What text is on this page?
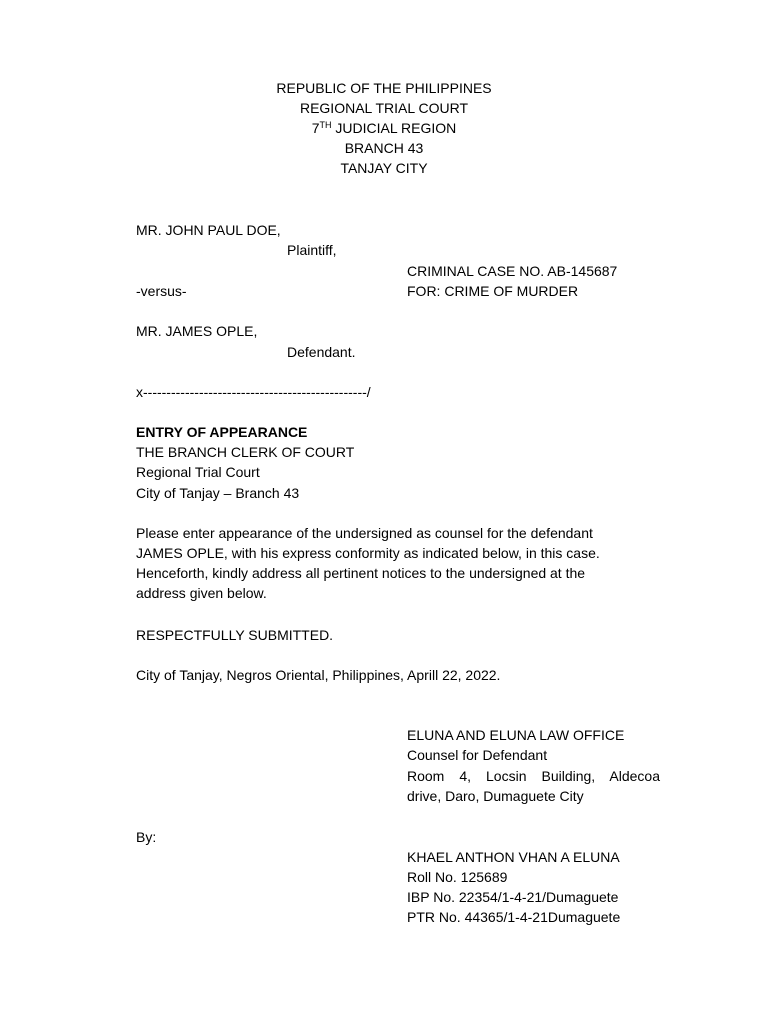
REPUBLIC OF THE PHILIPPINES
REGIONAL TRIAL COURT
7TH JUDICIAL REGION
BRANCH 43
TANJAY CITY
MR. JOHN PAUL DOE,
Plaintiff,
CRIMINAL CASE NO. AB-145687
-versus-	FOR: CRIME OF MURDER
MR. JAMES OPLE,
Defendant.
x------------------------------------------------/
ENTRY OF APPEARANCE
THE BRANCH CLERK OF COURT
Regional Trial Court
City of Tanjay – Branch 43
Please enter appearance of the undersigned as counsel for the defendant
JAMES OPLE, with his express conformity as indicated below, in this case.
Henceforth, kindly address all pertinent notices to the undersigned at the
address given below.
RESPECTFULLY SUBMITTED.
City of Tanjay, Negros Oriental, Philippines, Aprill 22, 2022.
ELUNA AND ELUNA LAW OFFICE
Counsel for Defendant
Room 4, Locsin Building, Aldecoa
drive, Daro, Dumaguete City
By:
KHAEL ANTHON VHAN A ELUNA
Roll No. 125689
IBP No. 22354/1-4-21/Dumaguete
PTR No. 44365/1-4-21Dumaguete
